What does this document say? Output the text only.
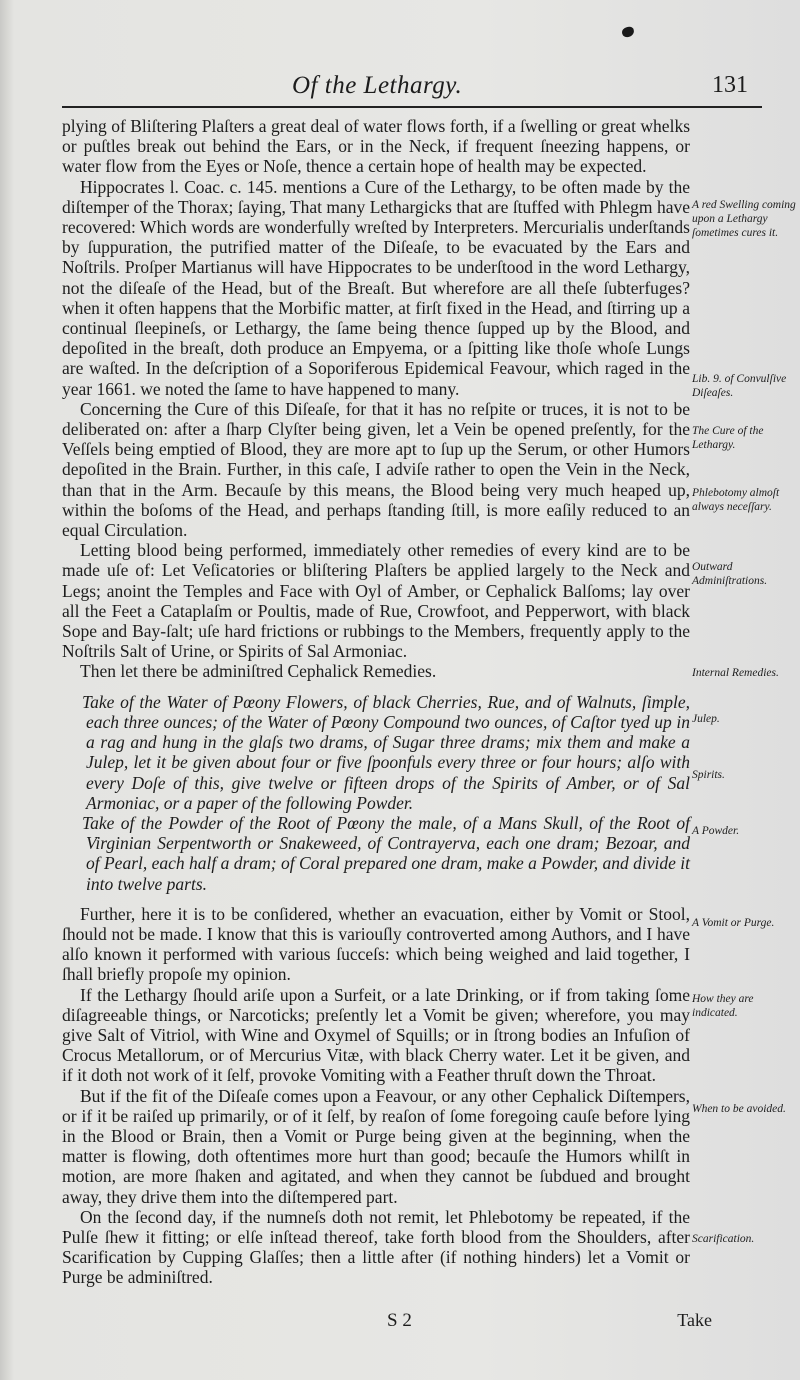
Of the Lethargy.	131

plying of Bliſtering Plaſters a great deal of water flows forth, if a ſwelling or great whelks or puſtles break out behind the Ears, or in the Neck, if frequent ſneezing happens, or water flow from the Eyes or Noſe, thence a certain hope of health may be expected.

Hippocrates l. Coac. c. 145. mentions a Cure of the Lethargy, to be often made by the diſtemper of the Thorax; ſaying, That many Lethargicks that are ſtuffed with Phlegm have recovered: Which words are wonderfully wreſted by Interpreters. Mercurialis underſtands by ſuppuration, the putrified matter of the Diſeaſe, to be evacuated by the Ears and Noſtrils. Proſper Martianus will have Hippocrates to be underſtood in the word Lethargy, not the diſeaſe of the Head, but of the Breaſt. But wherefore are all theſe ſubterfuges? when it often happens that the Morbific matter, at firſt fixed in the Head, and ſtirring up a continual ſleepineſs, or Lethargy, the ſame being thence ſupped up by the Blood, and depoſited in the breaſt, doth produce an Empyema, or a ſpitting like thoſe whoſe Lungs are waſted. In the deſcription of a Soporiferous Epidemical Feavour, which raged in the year 1661. we noted the ſame to have happened to many.

Concerning the Cure of this Diſeaſe, for that it has no reſpite or truces, it is not to be deliberated on: after a ſharp Clyſter being given, let a Vein be opened preſently, for the Veſſels being emptied of Blood, they are more apt to ſup up the Serum, or other Humors depoſited in the Brain. Further, in this caſe, I adviſe rather to open the Vein in the Neck, than that in the Arm. Becauſe by this means, the Blood being very much heaped up, within the boſoms of the Head, and perhaps ſtanding ſtill, is more eaſily reduced to an equal Circulation.

Letting blood being performed, immediately other remedies of every kind are to be made uſe of: Let Veſicatories or bliſtering Plaſters be applied largely to the Neck and Legs; anoint the Temples and Face with Oyl of Amber, or Cephalick Balſoms; lay over all the Feet a Cataplaſm or Poultis, made of Rue, Crowfoot, and Pepperwort, with black Sope and Bay-ſalt; uſe hard frictions or rubbings to the Members, frequently apply to the Noſtrils Salt of Urine, or Spirits of Sal Armoniac.

Then let there be adminiſtred Cephalick Remedies.

Take of the Water of Pœony Flowers, of black Cherries, Rue, and of Walnuts, ſimple, each three ounces; of the Water of Pœony Compound two ounces, of Caſtor tyed up in a rag and hung in the glaſs two drams, of Sugar three drams; mix them and make a Julep, let it be given about four or five ſpoonfuls every three or four hours; alſo with every Doſe of this, give twelve or fifteen drops of the Spirits of Amber, or of Sal Armoniac, or a paper of the following Powder.

Take of the Powder of the Root of Pœony the male, of a Mans Skull, of the Root of Virginian Serpentworth or Snakeweed, of Contrayerva, each one dram; Bezoar, and of Pearl, each half a dram; of Coral prepared one dram, make a Powder, and divide it into twelve parts.

Further, here it is to be conſidered, whether an evacuation, either by Vomit or Stool, ſhould not be made. I know that this is variouſly controverted among Authors, and I have alſo known it performed with various ſucceſs: which being weighed and laid together, I ſhall briefly propoſe my opinion.

If the Lethargy ſhould ariſe upon a Surfeit, or a late Drinking, or if from taking ſome diſagreeable things, or Narcoticks; preſently let a Vomit be given; wherefore, you may give Salt of Vitriol, with Wine and Oxymel of Squills; or in ſtrong bodies an Infuſion of Crocus Metallorum, or of Mercurius Vitæ, with black Cherry water. Let it be given, and if it doth not work of it ſelf, provoke Vomiting with a Feather thruſt down the Throat.

But if the fit of the Diſeaſe comes upon a Feavour, or any other Cephalick Diſtempers, or if it be raiſed up primarily, or of it ſelf, by reaſon of ſome foregoing cauſe before lying in the Blood or Brain, then a Vomit or Purge being given at the beginning, when the matter is flowing, doth oftentimes more hurt than good; becauſe the Humors whilſt in motion, are more ſhaken and agitated, and when they cannot be ſubdued and brought away, they drive them into the diſtempered part.

On the ſecond day, if the numneſs doth not remit, let Phlebotomy be repeated, if the Pulſe ſhew it fitting; or elſe inſtead thereof, take forth blood from the Shoulders, after Scarification by Cupping Glaſſes; then a little after (if nothing hinders) let a Vomit or Purge be adminiſtred.

A red Swelling coming upon a Lethargy ſometimes cures it.
Lib. 9. of Convulſive Diſeaſes.
The Cure of the Lethargy.
Phlebotomy almoſt always neceſſary.
Outward Adminiſtrations.
Internal Remedies.
Julep.
Spirits.
A Powder.
A Vomit or Purge.
How they are indicated.
When to be avoided.
Scarification.
S 2	Take
